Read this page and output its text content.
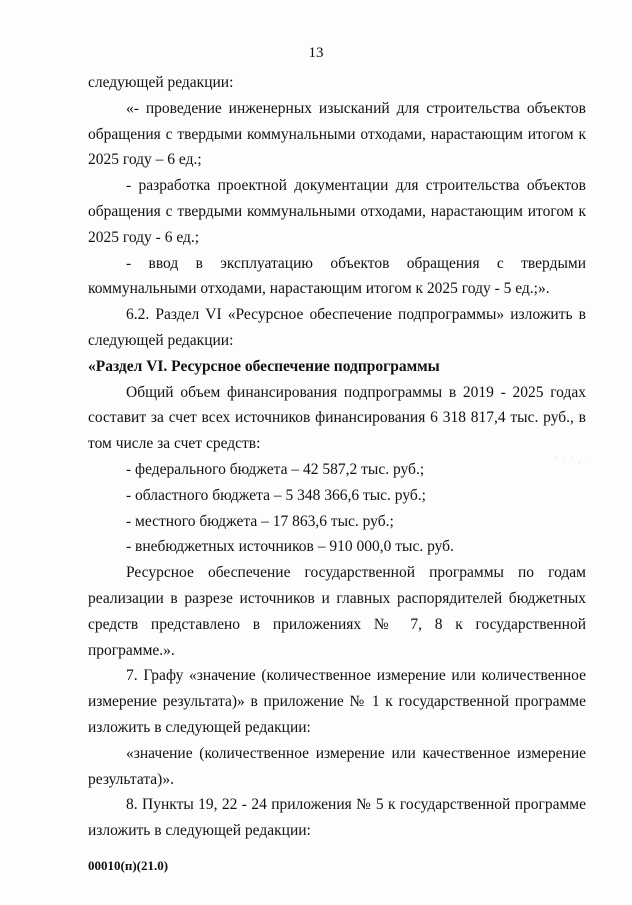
13

следующей редакции:

«- проведение инженерных изысканий для строительства объектов обращения с твердыми коммунальными отходами, нарастающим итогом к 2025 году – 6 ед.;

- разработка проектной документации для строительства объектов обращения с твердыми коммунальными отходами, нарастающим итогом к 2025 году - 6 ед.;

- ввод в эксплуатацию объектов обращения с твердыми коммунальными отходами, нарастающим итогом к 2025 году - 5 ед.;».

6.2. Раздел VI «Ресурсное обеспечение подпрограммы» изложить в следующей редакции:

«Раздел VI. Ресурсное обеспечение подпрограммы

Общий объем финансирования подпрограммы в 2019 - 2025 годах составит за счет всех источников финансирования 6 318 817,4 тыс. руб., в том числе за счет средств:

- федерального бюджета – 42 587,2 тыс. руб.;

- областного бюджета – 5 348 366,6 тыс. руб.;

- местного бюджета – 17 863,6 тыс. руб.;

- внебюджетных источников – 910 000,0 тыс. руб.

Ресурсное обеспечение государственной программы по годам реализации в разрезе источников и главных распорядителей бюджетных средств представлено в приложениях № 7, 8 к государственной программе.».

7. Графу «значение (количественное измерение или количественное измерение результата)» в приложение № 1 к государственной программе изложить в следующей редакции:

«значение (количественное измерение или качественное измерение результата)».

8. Пункты 19, 22 - 24 приложения № 5 к государственной программе изложить в следующей редакции:

00010(п)(21.0)
